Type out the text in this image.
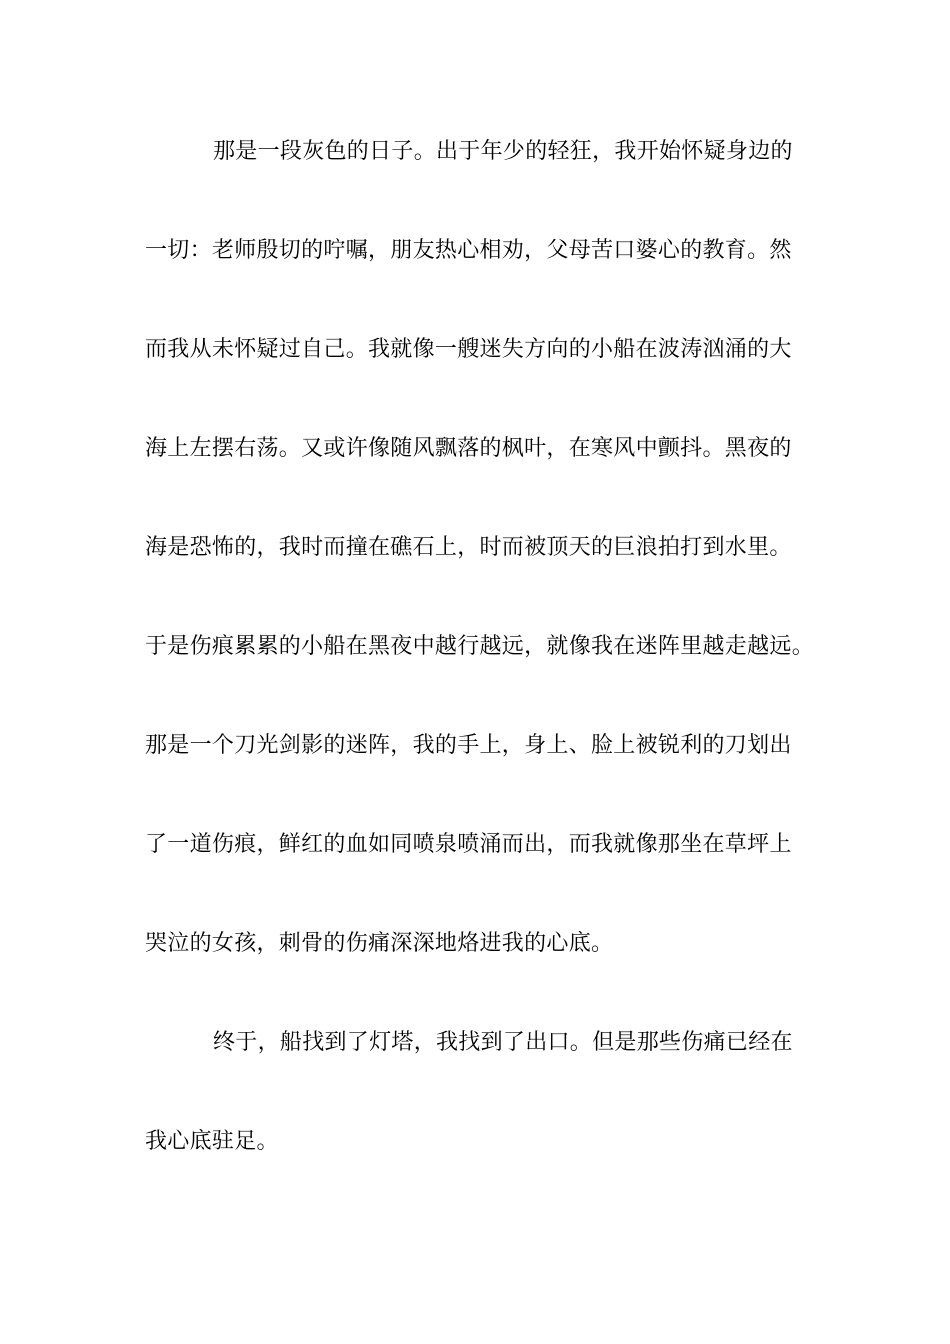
那是一段灰色的日子。出于年少的轻狂，我开始怀疑身边的
一切：老师殷切的咛嘱，朋友热心相劝，父母苦口婆心的教育。然
而我从未怀疑过自己。我就像一艘迷失方向的小船在波涛汹涌的大
海上左摆右荡。又或许像随风飘落的枫叶，在寒风中颤抖。黑夜的
海是恐怖的，我时而撞在礁石上，时而被顶天的巨浪拍打到水里。
于是伤痕累累的小船在黑夜中越行越远，就像我在迷阵里越走越远。
那是一个刀光剑影的迷阵，我的手上，身上、脸上被锐利的刀划出
了一道伤痕，鲜红的血如同喷泉喷涌而出，而我就像那坐在草坪上
哭泣的女孩，刺骨的伤痛深深地烙进我的心底。
终于，船找到了灯塔，我找到了出口。但是那些伤痛已经在
我心底驻足。
